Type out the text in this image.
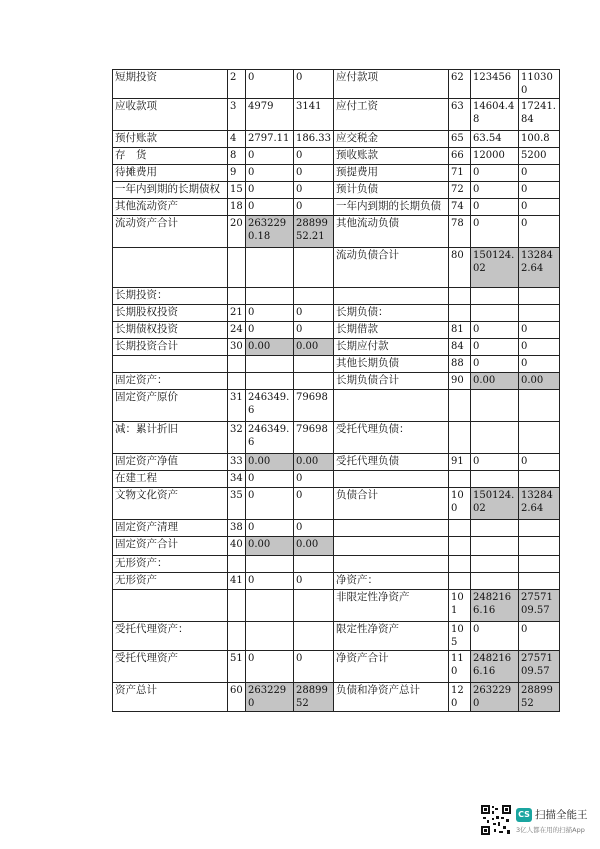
短期投资	2	0	0	应付款项	62	123456	110300
应收款项	3	4979	3141	应付工资	63	14604.48	17241.84
预付账款	4	2797.11	186.33	应交税金	65	63.54	100.8
存　货	8	0	0	预收账款	66	12000	5200
待摊费用	9	0	0	预提费用	71	0	0
一年内到期的长期债权	15	0	0	预计负债	72	0	0
其他流动资产	18	0	0	一年内到期的长期负债	74	0	0
流动资产合计	20	2632290.18	2889952.21	其他流动负债	78	0	0
				流动负债合计	80	150124.02	132842.64
长期投资：							
长期股权投资	21	0	0	长期负债：			
长期债权投资	24	0	0	长期借款	81	0	0
长期投资合计	30	0.00	0.00	长期应付款	84	0	0
				其他长期负债	88	0	0
固定资产：				长期负债合计	90	0.00	0.00
固定资产原价	31	246349.6	79698				
减：累计折旧	32	246349.6	79698	受托代理负债：			
固定资产净值	33	0.00	0.00	受托代理负债	91	0	0
在建工程	34	0	0				
文物文化资产	35	0	0	负债合计	100	150124.02	132842.64
固定资产清理	38	0	0				
固定资产合计	40	0.00	0.00				
无形资产：							
无形资产	41	0	0	净资产：			
				非限定性净资产	101	2482166.16	2757109.57
受托代理资产：				限定性净资产	105	0	0
受托代理资产	51	0	0	净资产合计	110	2482166.16	2757109.57
资产总计	60	2632290	2889952	负债和净资产总计	120	2632290	2889952
CS 扫描全能王
3亿人都在用的扫描App
